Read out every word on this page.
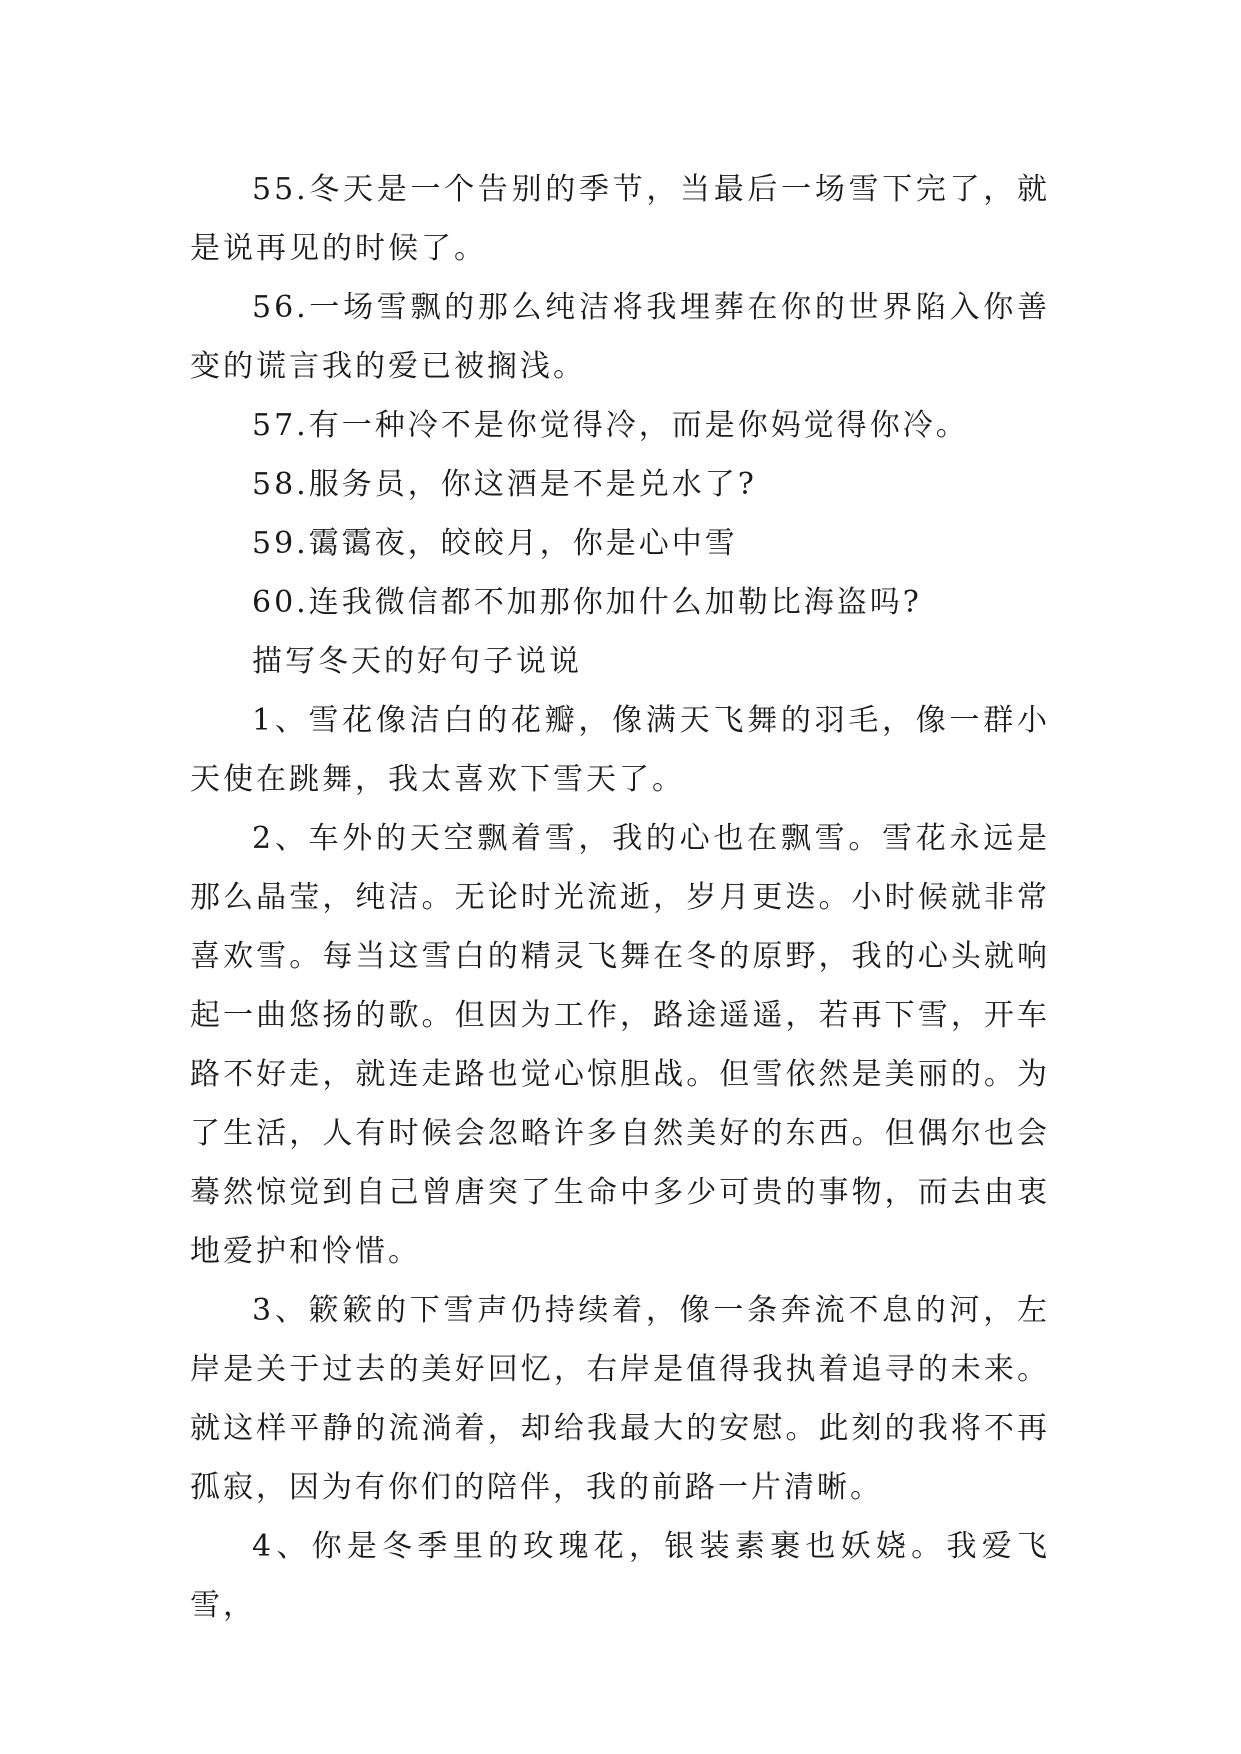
55.冬天是一个告别的季节，当最后一场雪下完了，就是说再见的时候了。

56.一场雪飘的那么纯洁将我埋葬在你的世界陷入你善变的谎言我的爱已被搁浅。

57.有一种冷不是你觉得冷，而是你妈觉得你冷。

58.服务员，你这酒是不是兑水了?

59.霭霭夜，皎皎月，你是心中雪

60.连我微信都不加那你加什么加勒比海盗吗?

描写冬天的好句子说说

1、雪花像洁白的花瓣，像满天飞舞的羽毛，像一群小天使在跳舞，我太喜欢下雪天了。

2、车外的天空飘着雪，我的心也在飘雪。雪花永远是那么晶莹，纯洁。无论时光流逝，岁月更迭。小时候就非常喜欢雪。每当这雪白的精灵飞舞在冬的原野，我的心头就响起一曲悠扬的歌。但因为工作，路途遥遥，若再下雪，开车路不好走，就连走路也觉心惊胆战。但雪依然是美丽的。为了生活，人有时候会忽略许多自然美好的东西。但偶尔也会蓦然惊觉到自己曾唐突了生命中多少可贵的事物，而去由衷地爱护和怜惜。

3、簌簌的下雪声仍持续着，像一条奔流不息的河，左岸是关于过去的美好回忆，右岸是值得我执着追寻的未来。就这样平静的流淌着，却给我最大的安慰。此刻的我将不再孤寂，因为有你们的陪伴，我的前路一片清晰。

4、你是冬季里的玫瑰花，银装素裹也妖娆。我爱飞雪，
